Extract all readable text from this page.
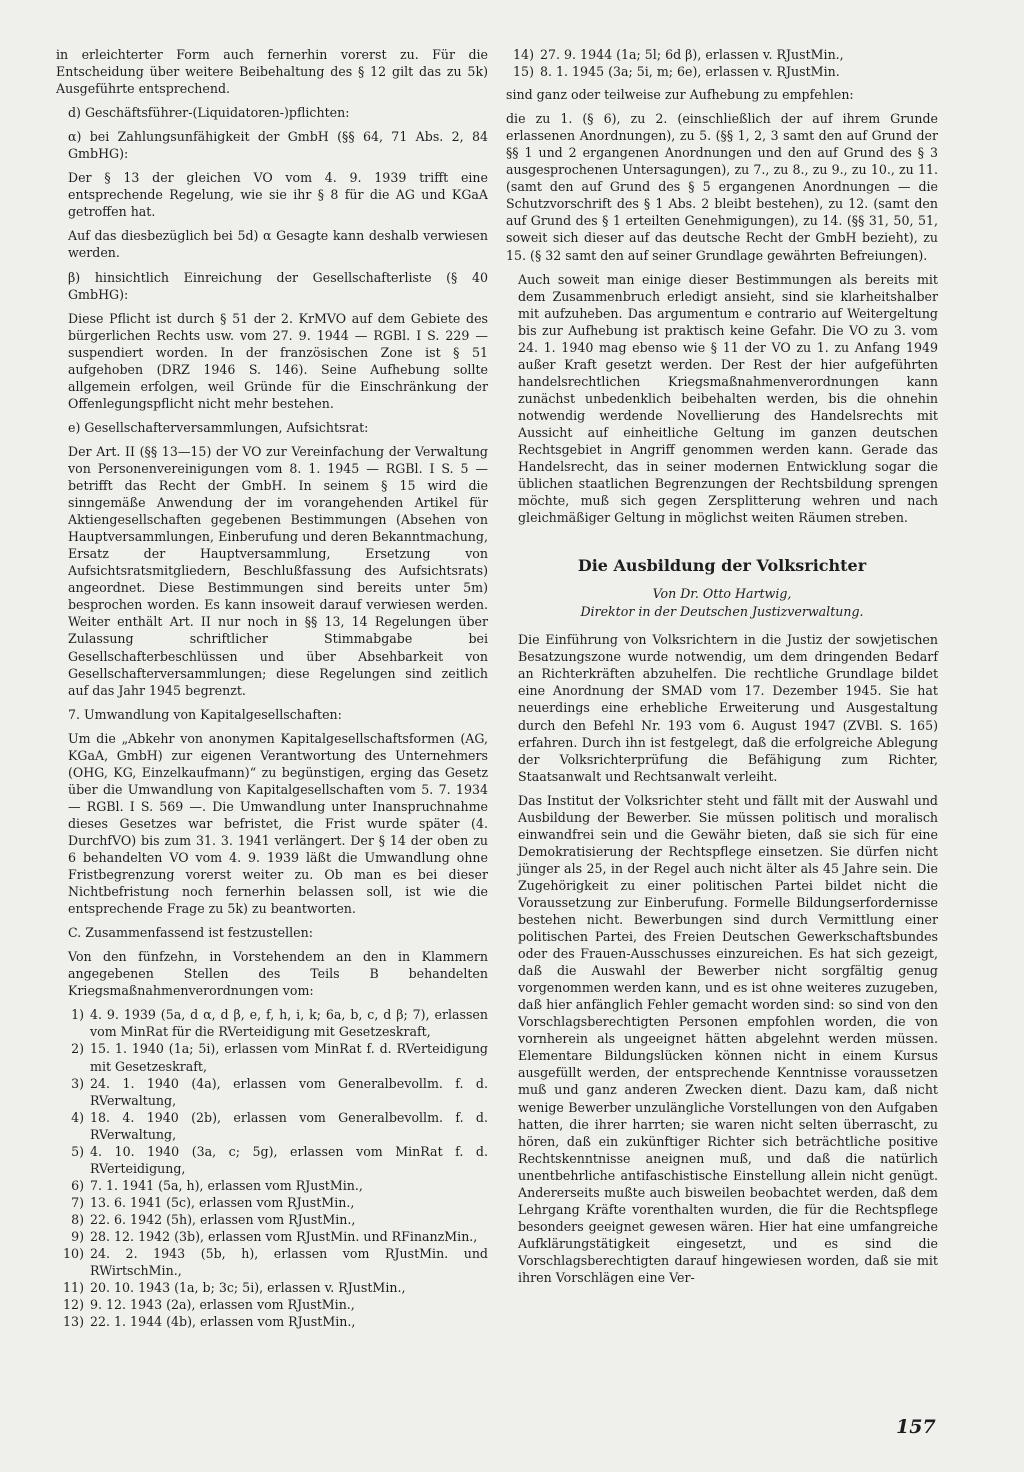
in erleichterter Form auch fernerhin vorerst zu. Für die Entscheidung über weitere Beibehaltung des § 12 gilt das zu 5k) Ausgeführte entsprechend.

d) Geschäftsführer-(Liquidatoren-)pflichten:

α) bei Zahlungsunfähigkeit der GmbH (§§ 64, 71 Abs. 2, 84 GmbHG):

Der § 13 der gleichen VO vom 4. 9. 1939 trifft eine entsprechende Regelung, wie sie ihr § 8 für die AG und KGaA getroffen hat.

Auf das diesbezüglich bei 5d) α Gesagte kann deshalb verwiesen werden.

β) hinsichtlich Einreichung der Gesellschafterliste (§ 40 GmbHG):

Diese Pflicht ist durch § 51 der 2. KrMVO auf dem Gebiete des bürgerlichen Rechts usw. vom 27. 9. 1944 — RGBl. I S. 229 — suspendiert worden. In der französischen Zone ist § 51 aufgehoben (DRZ 1946 S. 146). Seine Aufhebung sollte allgemein erfolgen, weil Gründe für die Einschränkung der Offenlegungspflicht nicht mehr bestehen.

e) Gesellschafterversammlungen, Aufsichtsrat:

Der Art. II (§§ 13—15) der VO zur Vereinfachung der Verwaltung von Personenvereinigungen vom 8. 1. 1945 — RGBl. I S. 5 — betrifft das Recht der GmbH. In seinem § 15 wird die sinngemäße Anwendung der im vorangehenden Artikel für Aktiengesellschaften gegebenen Bestimmungen (Absehen von Hauptversammlungen, Einberufung und deren Bekanntmachung, Ersatz der Hauptversammlung, Ersetzung von Aufsichtsratsmitgliedern, Beschlußfassung des Aufsichtsrats) angeordnet. Diese Bestimmungen sind bereits unter 5m) besprochen worden. Es kann insoweit darauf verwiesen werden. Weiter enthält Art. II nur noch in §§ 13, 14 Regelungen über Zulassung schriftlicher Stimmabgabe bei Gesellschafterbeschlüssen und über Absehbarkeit von Gesellschafterversammlungen; diese Regelungen sind zeitlich auf das Jahr 1945 begrenzt.

7. Umwandlung von Kapitalgesellschaften:

Um die „Abkehr von anonymen Kapitalgesellschaftsformen (AG, KGaA, GmbH) zur eigenen Verantwortung des Unternehmers (OHG, KG, Einzelkaufmann)“ zu begünstigen, erging das Gesetz über die Umwandlung von Kapitalgesellschaften vom 5. 7. 1934 — RGBl. I S. 569 —. Die Umwandlung unter Inanspruchnahme dieses Gesetzes war befristet, die Frist wurde später (4. DurchfVO) bis zum 31. 3. 1941 verlängert. Der § 14 der oben zu 6 behandelten VO vom 4. 9. 1939 läßt die Umwandlung ohne Fristbegrenzung vorerst weiter zu. Ob man es bei dieser Nichtbefristung noch fernerhin belassen soll, ist wie die entsprechende Frage zu 5k) zu beantworten.

C. Zusammenfassend ist festzustellen:

Von den fünfzehn, in Vorstehendem an den in Klammern angegebenen Stellen des Teils B behandelten Kriegsmaßnahmenverordnungen vom:

1) 4. 9. 1939 (5a, d α, d β, e, f, h, i, k; 6a, b, c, d β; 7), erlassen vom MinRat für die RVerteidigung mit Gesetzeskraft,
2) 15. 1. 1940 (1a; 5i), erlassen vom MinRat f. d. RVerteidigung mit Gesetzeskraft,
3) 24. 1. 1940 (4a), erlassen vom Generalbevollm. f. d. RVerwaltung,
4) 18. 4. 1940 (2b), erlassen vom Generalbevollm. f. d. RVerwaltung,
5) 4. 10. 1940 (3a, c; 5g), erlassen vom MinRat f. d. RVerteidigung,
6) 7. 1. 1941 (5a, h), erlassen vom RJustMin.,
7) 13. 6. 1941 (5c), erlassen vom RJustMin.,
8) 22. 6. 1942 (5h), erlassen vom RJustMin.,
9) 28. 12. 1942 (3b), erlassen vom RJustMin. und RFinanzMin.,
10) 24. 2. 1943 (5b, h), erlassen vom RJustMin. und RWirtschMin.,
11) 20. 10. 1943 (1a, b; 3c; 5i), erlassen v. RJustMin.,
12) 9. 12. 1943 (2a), erlassen vom RJustMin.,
13) 22. 1. 1944 (4b), erlassen vom RJustMin.,
14) 27. 9. 1944 (1a; 5l; 6d β), erlassen v. RJustMin.,
15) 8. 1. 1945 (3a; 5i, m; 6e), erlassen v. RJustMin.

sind ganz oder teilweise zur Aufhebung zu empfehlen:

die zu 1. (§ 6), zu 2. (einschließlich der auf ihrem Grunde erlassenen Anordnungen), zu 5. (§§ 1, 2, 3 samt den auf Grund der §§ 1 und 2 ergangenen Anordnungen und den auf Grund des § 3 ausgesprochenen Untersagungen), zu 7., zu 8., zu 9., zu 10., zu 11. (samt den auf Grund des § 5 ergangenen Anordnungen — die Schutzvorschrift des § 1 Abs. 2 bleibt bestehen), zu 12. (samt den auf Grund des § 1 erteilten Genehmigungen), zu 14. (§§ 31, 50, 51, soweit sich dieser auf das deutsche Recht der GmbH bezieht), zu 15. (§ 32 samt den auf seiner Grundlage gewährten Befreiungen).

Auch soweit man einige dieser Bestimmungen als bereits mit dem Zusammenbruch erledigt ansieht, sind sie klarheitshalber mit aufzuheben. Das argumentum e contrario auf Weitergeltung bis zur Aufhebung ist praktisch keine Gefahr. Die VO zu 3. vom 24. 1. 1940 mag ebenso wie § 11 der VO zu 1. zu Anfang 1949 außer Kraft gesetzt werden. Der Rest der hier aufgeführten handelsrechtlichen Kriegsmaßnahmenverordnungen kann zunächst unbedenklich beibehalten werden, bis die ohnehin notwendig werdende Novellierung des Handelsrechts mit Aussicht auf einheitliche Geltung im ganzen deutschen Rechtsgebiet in Angriff genommen werden kann. Gerade das Handelsrecht, das in seiner modernen Entwicklung sogar die üblichen staatlichen Begrenzungen der Rechtsbildung sprengen möchte, muß sich gegen Zersplitterung wehren und nach gleichmäßiger Geltung in möglichst weiten Räumen streben.

Die Ausbildung der Volksrichter
Von Dr. Otto Hartwig,
Direktor in der Deutschen Justizverwaltung.

Die Einführung von Volksrichtern in die Justiz der sowjetischen Besatzungszone wurde notwendig, um dem dringenden Bedarf an Richterkräften abzuhelfen. Die rechtliche Grundlage bildet eine Anordnung der SMAD vom 17. Dezember 1945. Sie hat neuerdings eine erhebliche Erweiterung und Ausgestaltung durch den Befehl Nr. 193 vom 6. August 1947 (ZVBl. S. 165) erfahren. Durch ihn ist festgelegt, daß die erfolgreiche Ablegung der Volksrichterprüfung die Befähigung zum Richter, Staatsanwalt und Rechtsanwalt verleiht.

Das Institut der Volksrichter steht und fällt mit der Auswahl und Ausbildung der Bewerber. Sie müssen politisch und moralisch einwandfrei sein und die Gewähr bieten, daß sie sich für eine Demokratisierung der Rechtspflege einsetzen. Sie dürfen nicht jünger als 25, in der Regel auch nicht älter als 45 Jahre sein. Die Zugehörigkeit zu einer politischen Partei bildet nicht die Voraussetzung zur Einberufung. Formelle Bildungserfordernisse bestehen nicht. Bewerbungen sind durch Vermittlung einer politischen Partei, des Freien Deutschen Gewerkschaftsbundes oder des Frauen-Ausschusses einzureichen. Es hat sich gezeigt, daß die Auswahl der Bewerber nicht sorgfältig genug vorgenommen werden kann, und es ist ohne weiteres zuzugeben, daß hier anfänglich Fehler gemacht worden sind: so sind von den Vorschlagsberechtigten Personen empfohlen worden, die von vornherein als ungeeignet hätten abgelehnt werden müssen. Elementare Bildungslücken können nicht in einem Kursus ausgefüllt werden, der entsprechende Kenntnisse voraussetzen muß und ganz anderen Zwecken dient. Dazu kam, daß nicht wenige Bewerber unzulängliche Vorstellungen von den Aufgaben hatten, die ihrer harrten; sie waren nicht selten überrascht, zu hören, daß ein zukünftiger Richter sich beträchtliche positive Rechtskenntnisse aneignen muß, und daß die natürlich unentbehrliche antifaschistische Einstellung allein nicht genügt. Andererseits mußte auch bisweilen beobachtet werden, daß dem Lehrgang Kräfte vorenthalten wurden, die für die Rechtspflege besonders geeignet gewesen wären. Hier hat eine umfangreiche Aufklärungstätigkeit eingesetzt, und es sind die Vorschlagsberechtigten darauf hingewiesen worden, daß sie mit ihren Vorschlägen eine Ver-

157
